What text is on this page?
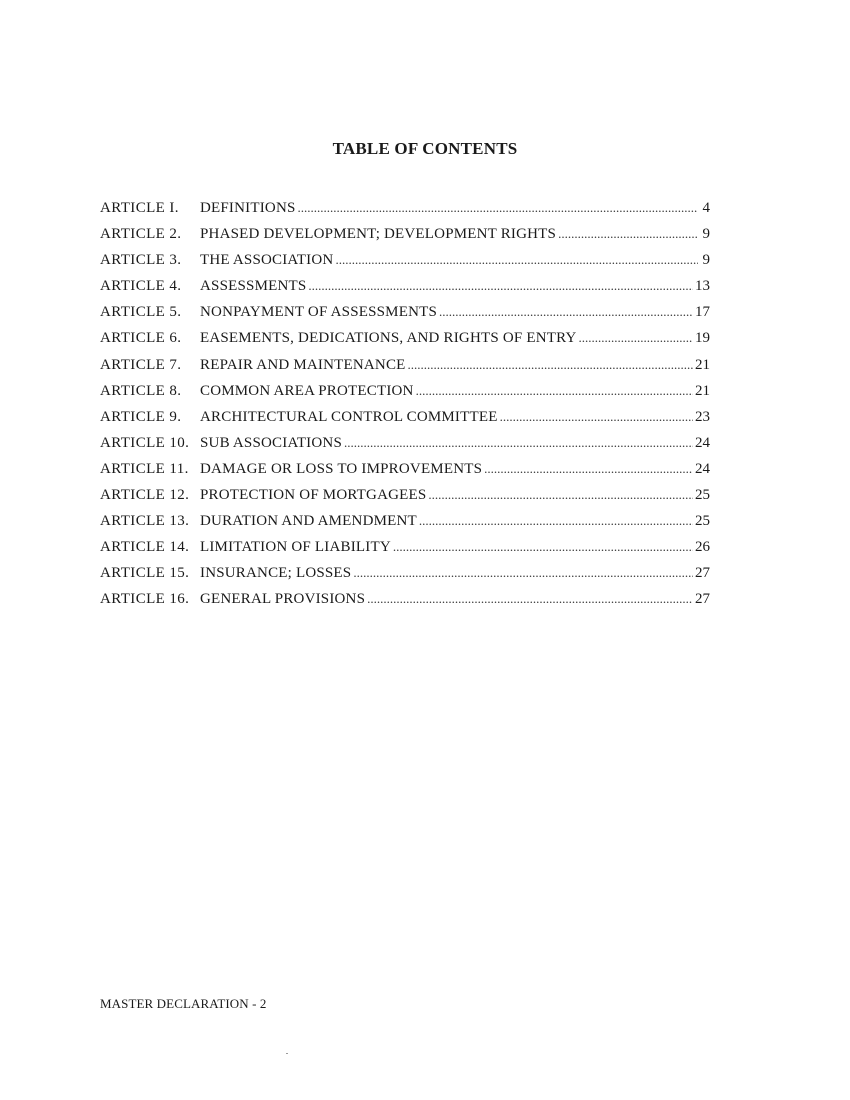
TABLE OF CONTENTS
ARTICLE I.	DEFINITIONS .....	4
ARTICLE 2.	PHASED DEVELOPMENT; DEVELOPMENT RIGHTS .....	9
ARTICLE 3.	THE ASSOCIATION .....	9
ARTICLE 4.	ASSESSMENTS .....	13
ARTICLE 5.	NONPAYMENT OF ASSESSMENTS .....	17
ARTICLE 6.	EASEMENTS, DEDICATIONS, AND RIGHTS OF ENTRY .....	19
ARTICLE 7.	REPAIR AND MAINTENANCE .....	21
ARTICLE 8.	COMMON AREA PROTECTION .....	21
ARTICLE 9.	ARCHITECTURAL CONTROL COMMITTEE .....	23
ARTICLE 10. SUB ASSOCIATIONS .....	24
ARTICLE 11. DAMAGE OR LOSS TO IMPROVEMENTS .....	24
ARTICLE 12. PROTECTION OF MORTGAGEES .....	25
ARTICLE 13. DURATION AND AMENDMENT .....	25
ARTICLE 14. LIMITATION OF LIABILITY .....	26
ARTICLE 15. INSURANCE; LOSSES .....	27
ARTICLE 16. GENERAL PROVISIONS .....	27

MASTER DECLARATION - 2
